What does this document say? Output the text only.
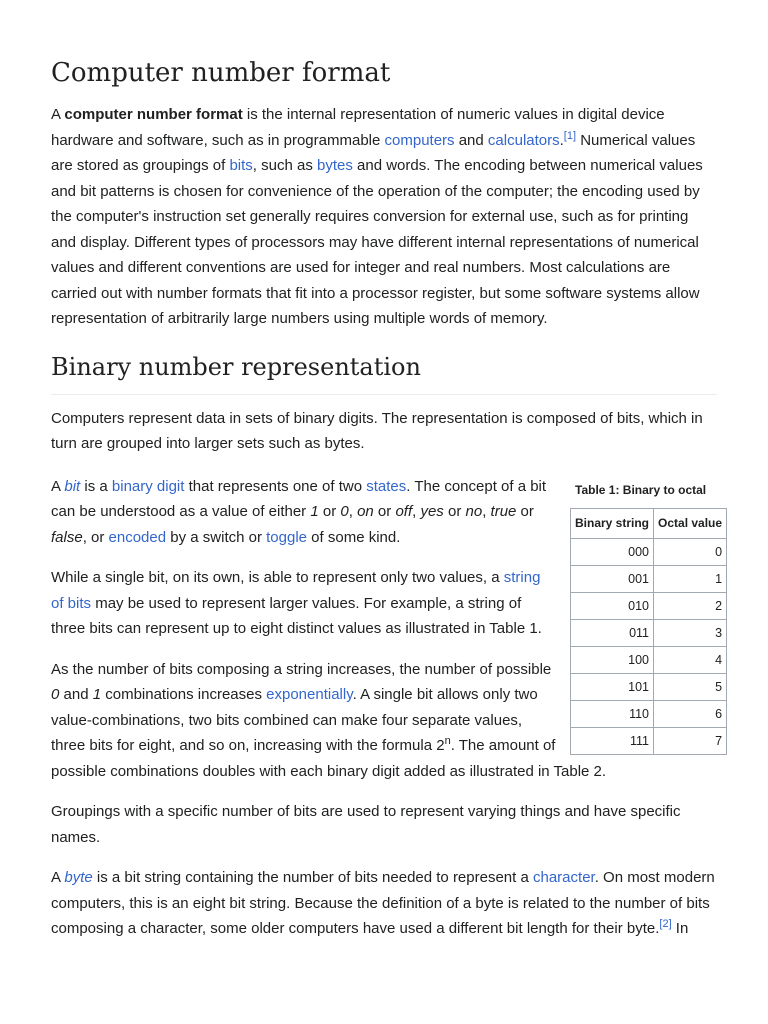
Computer number format

A computer number format is the internal representation of numeric values in digital device hardware and software, such as in programmable computers and calculators.[1] Numerical values are stored as groupings of bits, such as bytes and words. The encoding between numerical values and bit patterns is chosen for convenience of the operation of the computer; the encoding used by the computer's instruction set generally requires conversion for external use, such as for printing and display. Different types of processors may have different internal representations of numerical values and different conventions are used for integer and real numbers. Most calculations are carried out with number formats that fit into a processor register, but some software systems allow representation of arbitrarily large numbers using multiple words of memory.

Binary number representation

Computers represent data in sets of binary digits. The representation is composed of bits, which in turn are grouped into larger sets such as bytes.

Table 1: Binary to octal
Binary string	Octal value
000	0
001	1
010	2
011	3
100	4
101	5
110	6
111	7

A bit is a binary digit that represents one of two states. The concept of a bit can be understood as a value of either 1 or 0, on or off, yes or no, true or false, or encoded by a switch or toggle of some kind.

While a single bit, on its own, is able to represent only two values, a string of bits may be used to represent larger values. For example, a string of three bits can represent up to eight distinct values as illustrated in Table 1.

As the number of bits composing a string increases, the number of possible 0 and 1 combinations increases exponentially. A single bit allows only two value-combinations, two bits combined can make four separate values, three bits for eight, and so on, increasing with the formula 2$^n$. The amount of possible combinations doubles with each binary digit added as illustrated in Table 2.

Groupings with a specific number of bits are used to represent varying things and have specific names.

A byte is a bit string containing the number of bits needed to represent a character. On most modern computers, this is an eight bit string. Because the definition of a byte is related to the number of bits composing a character, some older computers have used a different bit length for their byte.[2] In
